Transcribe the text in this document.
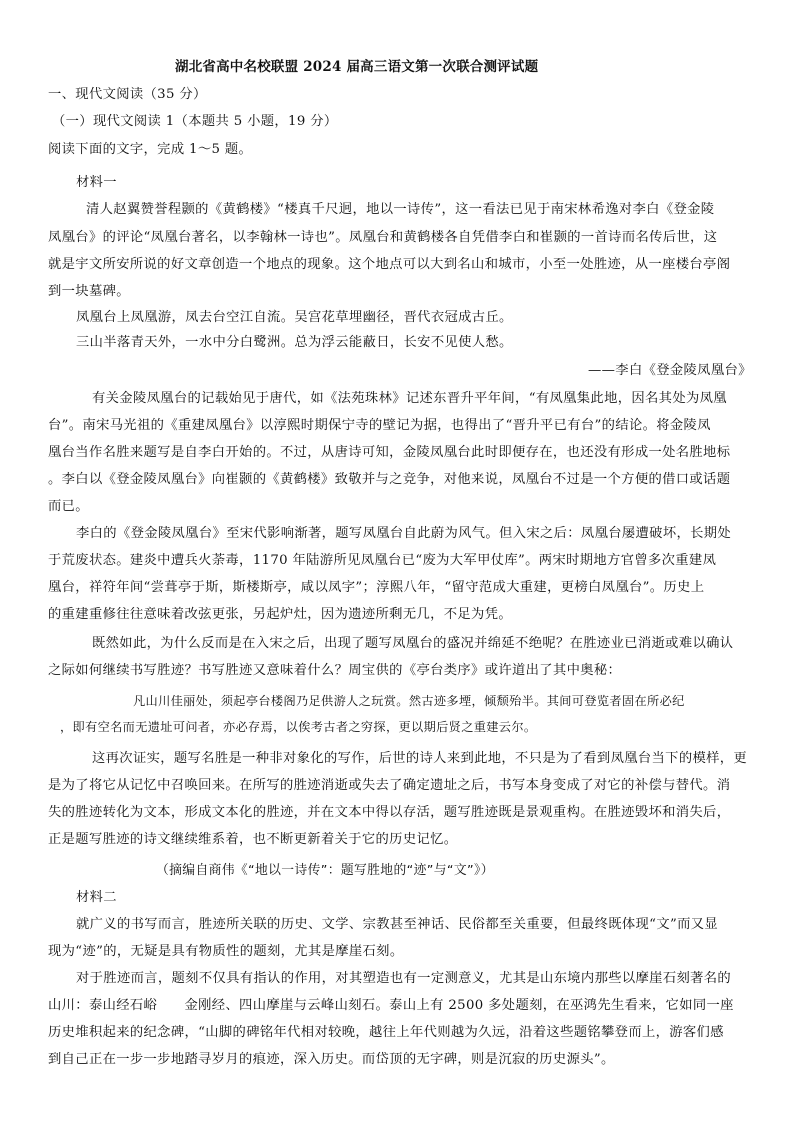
湖北省高中名校联盟 2024 届高三语文第一次联合测评试题
一、现代文阅读（35 分）
（一）现代文阅读 1（本题共 5 小题，19 分）
阅读下面的文字，完成 1～5 题。
材料一
清人赵翼赞誉程颢的《黄鹤楼》“楼真千尺迥，地以一诗传”，这一看法已见于南宋林希逸对李白《登金陵
凤凰台》的评论“凤凰台著名，以李翰林一诗也”。凤凰台和黄鹤楼各自凭借李白和崔颢的一首诗而名传后世，这
就是宇文所安所说的好文章创造一个地点的现象。这个地点可以大到名山和城市，小至一处胜迹，从一座楼台亭阁
到一块墓碑。
凤凰台上凤凰游，凤去台空江自流。吴宫花草埋幽径，晋代衣冠成古丘。
三山半落青天外，一水中分白鹭洲。总为浮云能蔽日，长安不见使人愁。
——李白《登金陵凤凰台》
有关金陵凤凰台的记载始见于唐代，如《法苑珠林》记述东晋升平年间，“有凤凰集此地，因名其处为凤凰
台”。南宋马光祖的《重建凤凰台》以淳熙时期保宁寺的壁记为据，也得出了“晋升平已有台”的结论。将金陵凤
凰台当作名胜来题写是自李白开始的。不过，从唐诗可知，金陵凤凰台此时即便存在，也还没有形成一处名胜地标
。李白以《登金陵凤凰台》向崔颢的《黄鹤楼》致敬并与之竞争，对他来说，凤凰台不过是一个方便的借口或话题
而已。
李白的《登金陵凤凰台》至宋代影响渐著，题写凤凰台自此蔚为风气。但入宋之后：凤凰台屡遭破坏，长期处
于荒废状态。建炎中遭兵火荼毒，1170 年陆游所见凤凰台已“废为大军甲仗库”。两宋时期地方官曾多次重建凤
凰台，祥符年间“尝葺亭于斯，斯楼斯亭，咸以凤字”；淳熙八年，“留守范成大重建，更榜白凤凰台”。历史上
的重建重修往往意味着改弦更张，另起炉灶，因为遗迹所剩无几，不足为凭。
既然如此，为什么反而是在入宋之后，出现了题写凤凰台的盛况并绵延不绝呢？在胜迹业已消逝或难以确认
之际如何继续书写胜迹？书写胜迹又意味着什么？周宝供的《亭台类序》或许道出了其中奥秘：
凡山川佳丽处，须起亭台楼阁乃足供游人之玩赏。然古迹多堙，倾颓殆半。其间可登览者固在所必纪
，即有空名而无遗址可问者，亦必存焉，以俟考古者之穷探，更以期后贤之重建云尔。
这再次证实，题写名胜是一种非对象化的写作，后世的诗人来到此地，不只是为了看到凤凰台当下的模样，更
是为了将它从记忆中召唤回来。在所写的胜迹消逝或失去了确定遗址之后，书写本身变成了对它的补偿与替代。消
失的胜迹转化为文本，形成文本化的胜迹，并在文本中得以存活，题写胜迹既是景观重构。在胜迹毁坏和消失后，
正是题写胜迹的诗文继续维系着，也不断更新着关于它的历史记忆。
（摘编自商伟《“地以一诗传”：题写胜地的“迹”与“文”》）
材料二
就广义的书写而言，胜迹所关联的历史、文学、宗教甚至神话、民俗都至关重要，但最终既体现“文”而又显
现为“迹”的，无疑是具有物质性的题刻，尤其是摩崖石刻。
对于胜迹而言，题刻不仅具有指认的作用，对其塑造也有一定测意义，尤其是山东境内那些以摩崖石刻著名的
山川：泰山经石峪　　金刚经、四山摩崖与云峰山刻石。泰山上有 2500 多处题刻，在巫鸿先生看来，它如同一座
历史堆积起来的纪念碑，“山脚的碑铭年代相对较晚，越往上年代则越为久远，沿着这些题铭攀登而上，游客们感
到自己正在一步一步地踏寻岁月的痕迹，深入历史。而岱顶的无字碑，则是沉寂的历史源头”。
